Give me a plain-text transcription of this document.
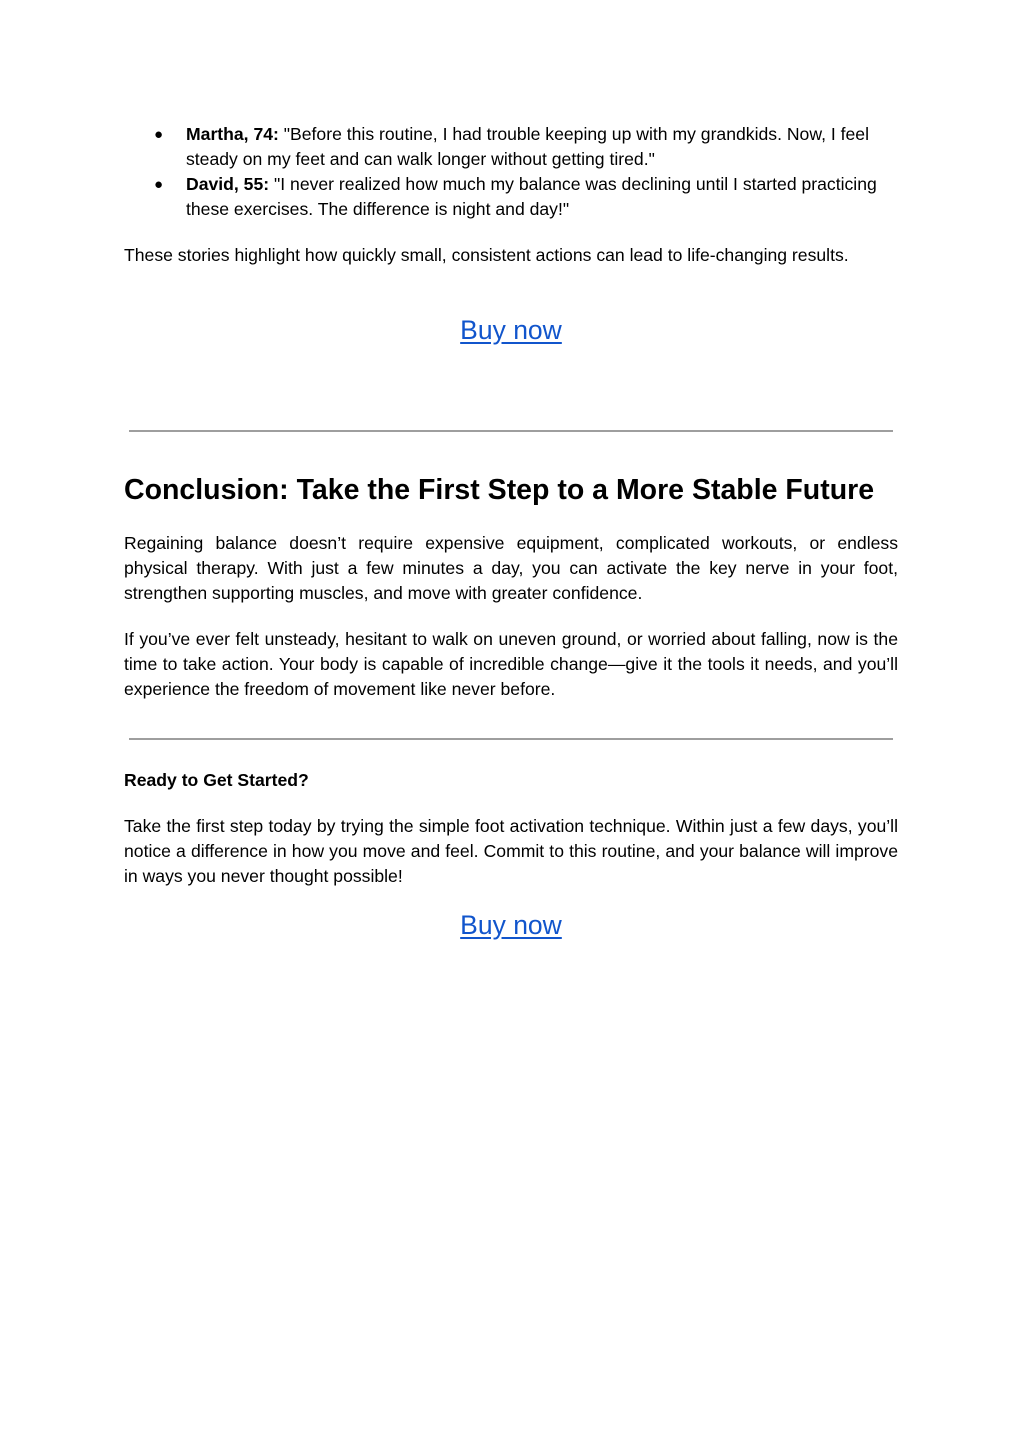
● Martha, 74: "Before this routine, I had trouble keeping up with my grandkids. Now, I feel steady on my feet and can walk longer without getting tired."
● David, 55: "I never realized how much my balance was declining until I started practicing these exercises. The difference is night and day!"

These stories highlight how quickly small, consistent actions can lead to life-changing results.

Buy now
Conclusion: Take the First Step to a More Stable Future

Regaining balance doesn’t require expensive equipment, complicated workouts, or endless physical therapy. With just a few minutes a day, you can activate the key nerve in your foot, strengthen supporting muscles, and move with greater confidence.

If you’ve ever felt unsteady, hesitant to walk on uneven ground, or worried about falling, now is the time to take action. Your body is capable of incredible change—give it the tools it needs, and you’ll experience the freedom of movement like never before.

Ready to Get Started?

Take the first step today by trying the simple foot activation technique. Within just a few days, you’ll notice a difference in how you move and feel. Commit to this routine, and your balance will improve in ways you never thought possible!

Buy now
